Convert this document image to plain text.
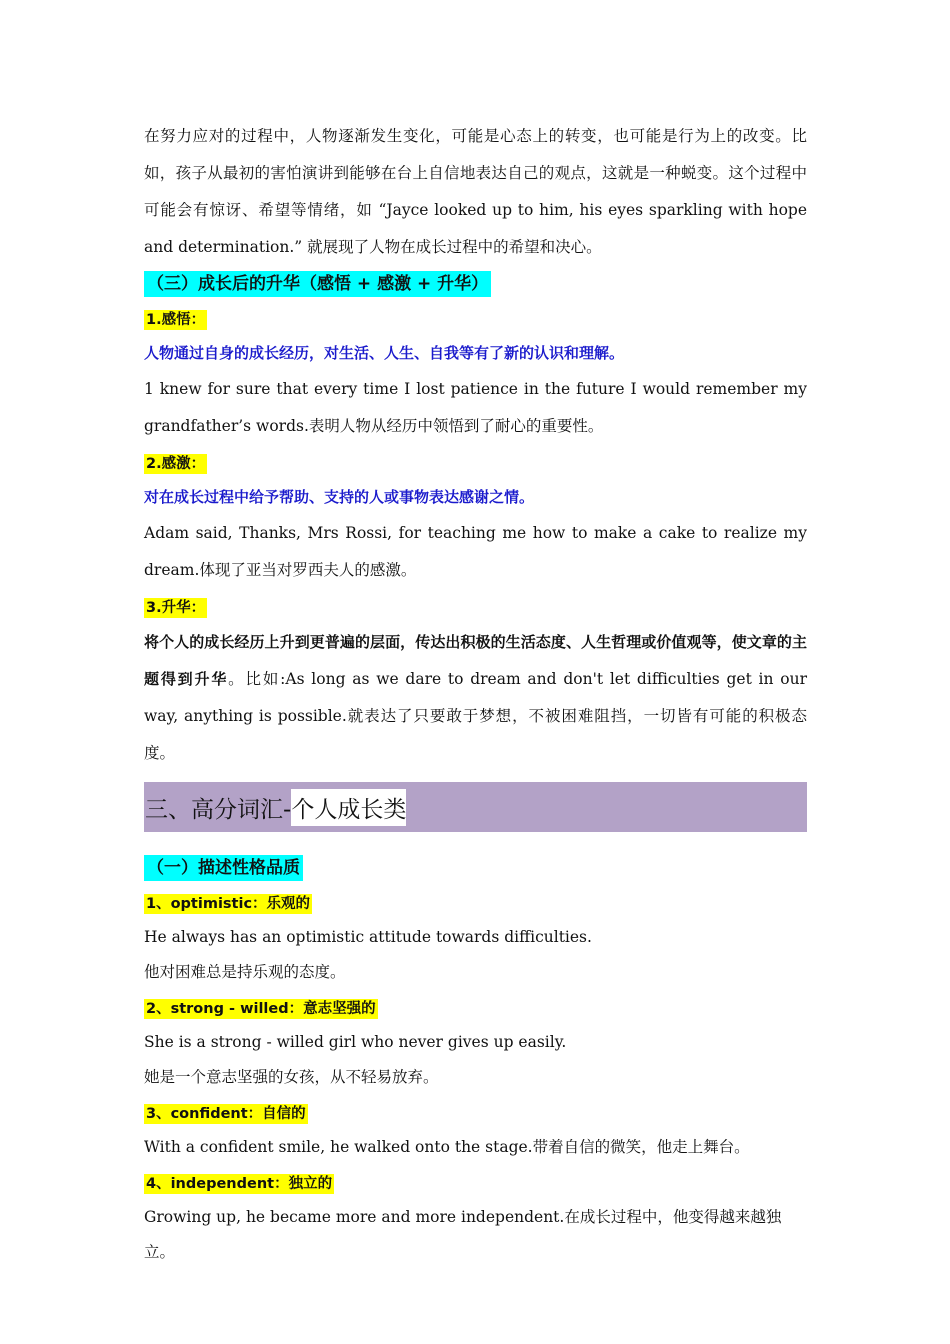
在努力应对的过程中，人物逐渐发生变化，可能是心态上的转变，也可能是行为上的改变。比如，孩子从最初的害怕演讲到能够在台上自信地表达自己的观点，这就是一种蜕变。这个过程中可能会有惊讶、希望等情绪，如 “Jayce looked up to him, his eyes sparkling with hope and determination.” 就展现了人物在成长过程中的希望和决心。

（三）成长后的升华（感悟 + 感激 + 升华）
1.感悟：

人物通过自身的成长经历，对生活、人生、自我等有了新的认识和理解。

1 knew for sure that every time I lost patience in the future I would remember my grandfather’s words.表明人物从经历中领悟到了耐心的重要性。

2.感激：

对在成长过程中给予帮助、支持的人或事物表达感谢之情。

Adam said, Thanks, Mrs Rossi, for teaching me how to make a cake to realize my dream.体现了亚当对罗西夫人的感激。

3.升华：

将个人的成长经历上升到更普遍的层面，传达出积极的生活态度、人生哲理或价值观等，使文章的主题得到升华。比如:As long as we dare to dream and don't let difficulties get in our way, anything is possible.就表达了只要敢于梦想，不被困难阻挡，一切皆有可能的积极态度。

三、高分词汇- 个人成长类
（一）描述性格品质
1、optimistic：乐观的

He always has an optimistic attitude towards difficulties.

他对困难总是持乐观的态度。

2、strong - willed：意志坚强的

She is a strong - willed girl who never gives up easily.

她是一个意志坚强的女孩，从不轻易放弃。

3、confident：自信的

With a confident smile, he walked onto the stage.带着自信的微笑，他走上舞台。

4、independent：独立的

Growing up, he became more and more independent.在成长过程中，他变得越来越独立。
